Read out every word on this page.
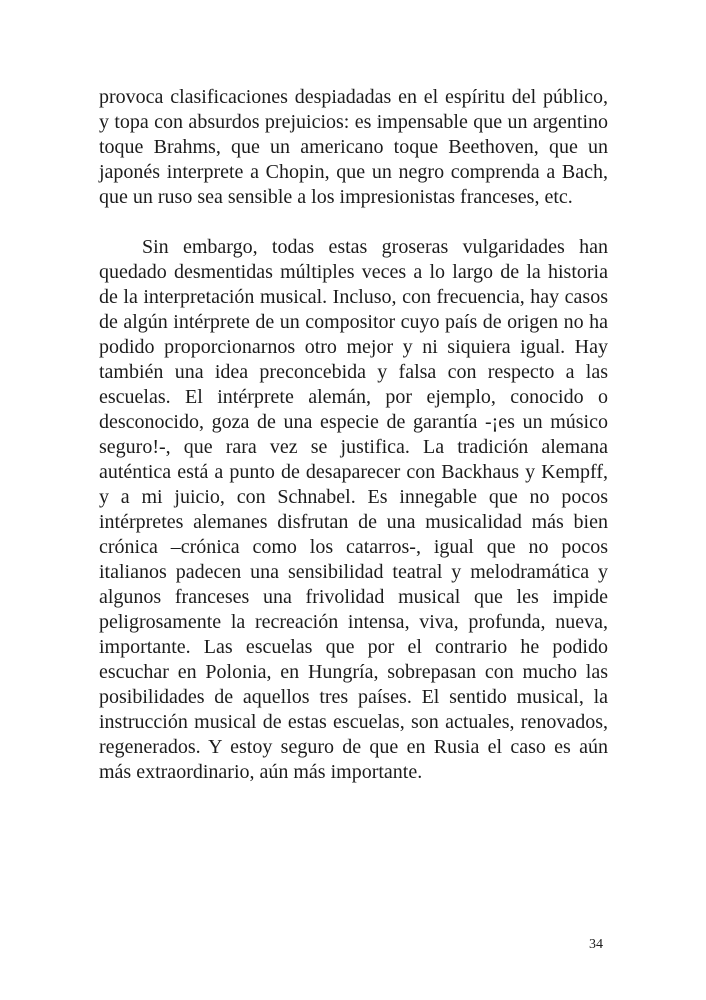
provoca clasificaciones despiadadas en el espíritu del público, y topa con absurdos prejuicios: es impensable que un argentino toque Brahms, que un americano toque Beethoven, que un japonés interprete a Chopin, que un negro comprenda a Bach, que un ruso sea sensible a los impresionistas franceses, etc.

Sin embargo, todas estas groseras vulgaridades han quedado desmentidas múltiples veces a lo largo de la historia de la interpretación musical. Incluso, con frecuencia, hay casos de algún intérprete de un compositor cuyo país de origen no ha podido proporcionarnos otro mejor y ni siquiera igual. Hay también una idea preconcebida y falsa con respecto a las escuelas. El intérprete alemán, por ejemplo, conocido o desconocido, goza de una especie de garantía -¡es un músico seguro!-, que rara vez se justifica. La tradición alemana auténtica está a punto de desaparecer con Backhaus y Kempff, y a mi juicio, con Schnabel. Es innegable que no pocos intérpretes alemanes disfrutan de una musicalidad más bien crónica –crónica como los catarros-, igual que no pocos italianos padecen una sensibilidad teatral y melodramática y algunos franceses una frivolidad musical que les impide peligrosamente la recreación intensa, viva, profunda, nueva, importante. Las escuelas que por el contrario he podido escuchar en Polonia, en Hungría, sobrepasan con mucho las posibilidades de aquellos tres países. El sentido musical, la instrucción musical de estas escuelas, son actuales, renovados, regenerados. Y estoy seguro de que en Rusia el caso es aún más extraordinario, aún más importante.

34
